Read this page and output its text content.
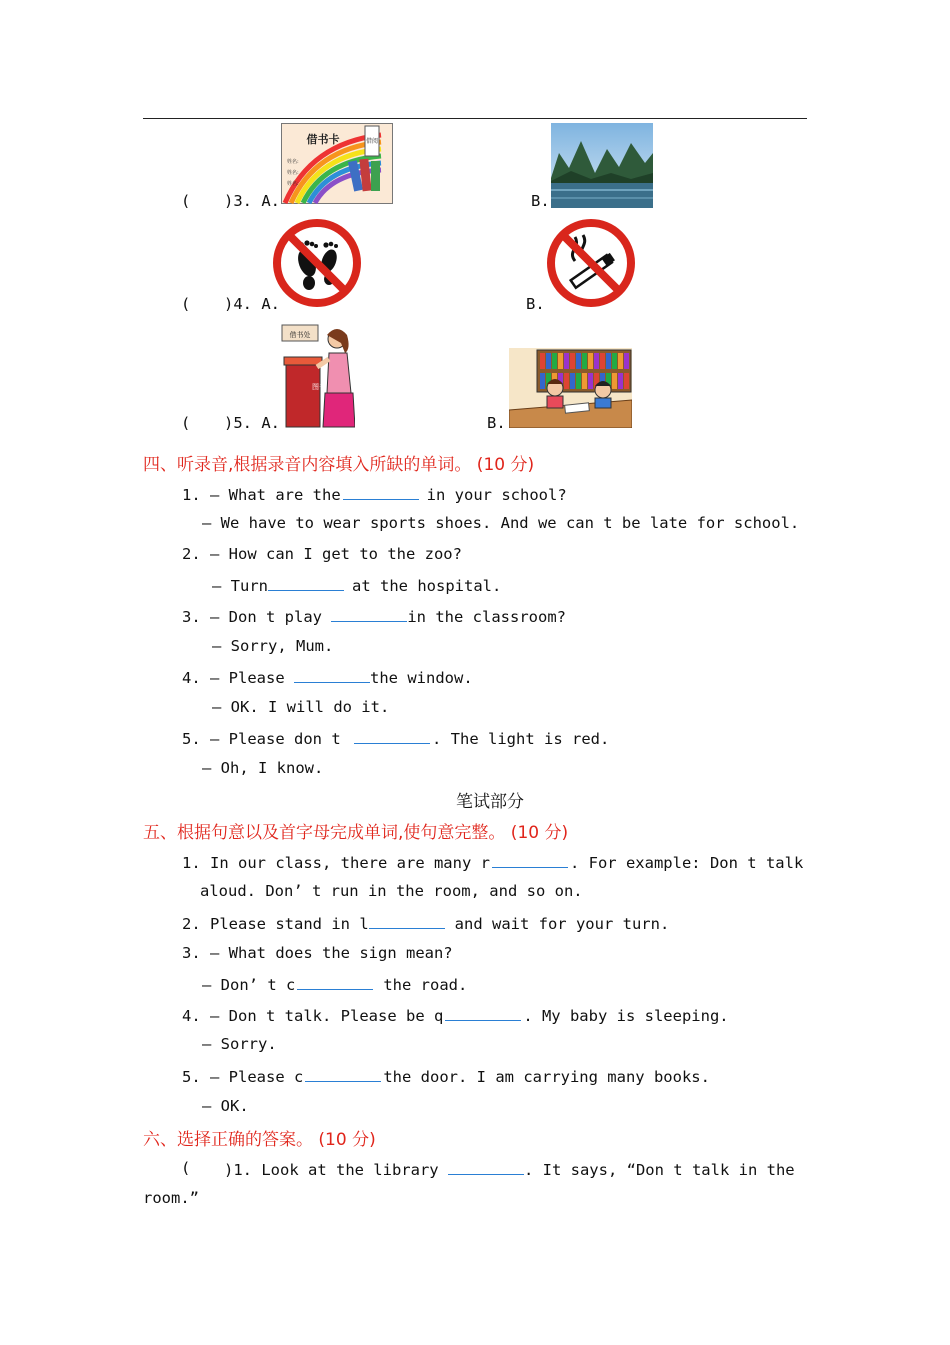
( )3. A.
借阅
借书卡
姓名:
姓名:
姓名:
B.
( )4. A.	B.
( )5. A.
借书处
图书
B.
四、听录音,根据录音内容填入所缺的单词。 (10 分)
1. — What are the	in your school?
— We have to wear sports shoes. And we can t be late for school.
2. — How can I get to the zoo?
— Turn	at the hospital.
3. — Don t play	in the classroom?
— Sorry, Mum.
4. — Please	the window.
— OK. I will do it.
5. — Please don t	. The light is red.
— Oh, I know.
笔试部分
五、根据句意以及首字母完成单词,使句意完整。 (10 分)
1. In our class, there are many r	. For example: Don t talk
aloud. Don’ t run in the room, and so on.
2. Please stand in l	and wait for your turn.
3. — What does the sign mean?
— Don’ t c	the road.
4. — Don t talk. Please be q	. My baby is sleeping.
— Sorry.
5. — Please c	the door. I am carrying many books.
— OK.
六、选择正确的答案。 (10 分)
( )1. Look at the library	. It says, “Don t talk in the
room.”
